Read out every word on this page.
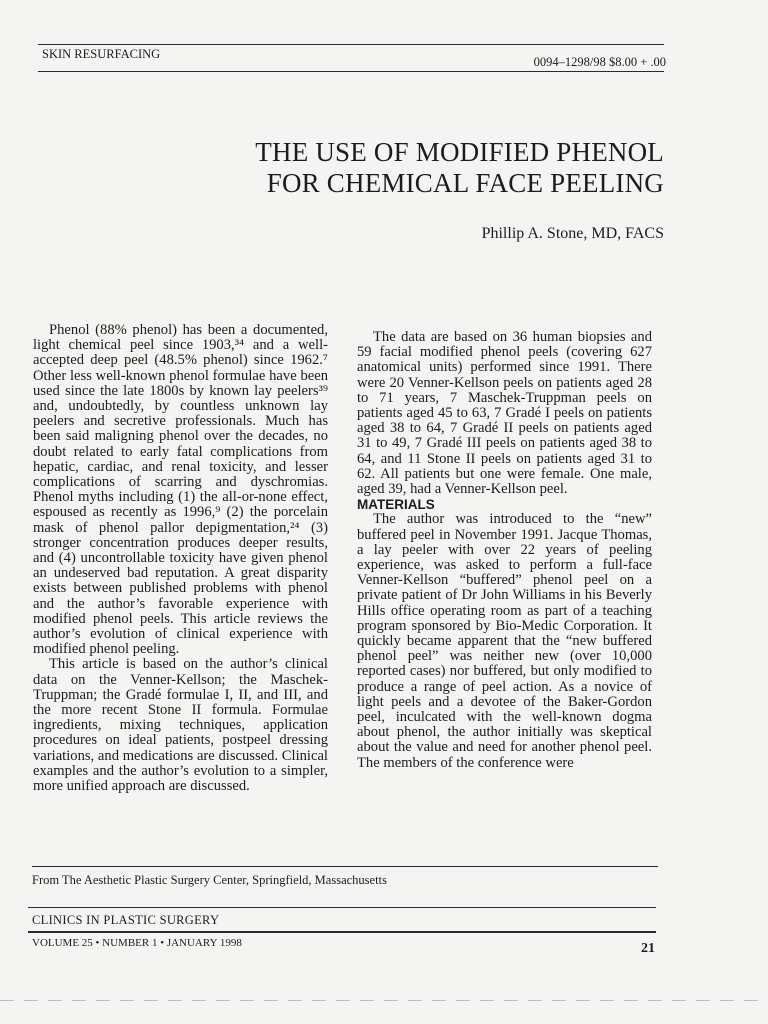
SKIN RESURFACING
0094–1298/98 $8.00 + .00
THE USE OF MODIFIED PHENOL
FOR CHEMICAL FACE PEELING
Phillip A. Stone, MD, FACS

Phenol (88% phenol) has been a documented, light chemical peel since 1903,³⁴ and a well-accepted deep peel (48.5% phenol) since 1962.⁷ Other less well-known phenol formulae have been used since the late 1800s by known lay peelers³⁹ and, undoubtedly, by countless unknown lay peelers and secretive professionals. Much has been said maligning phenol over the decades, no doubt related to early fatal complications from hepatic, cardiac, and renal toxicity, and lesser complications of scarring and dyschromias. Phenol myths including (1) the all-or-none effect, espoused as recently as 1996,⁹ (2) the porcelain mask of phenol pallor depigmentation,²⁴ (3) stronger concentration produces deeper results, and (4) uncontrollable toxicity have given phenol an undeserved bad reputation. A great disparity exists between published problems with phenol and the author’s favorable experience with modified phenol peels. This article reviews the author’s evolution of clinical experience with modified phenol peeling.

This article is based on the author’s clinical data on the Venner-Kellson; the Maschek-Truppman; the Gradé formulae I, II, and III, and the more recent Stone II formula. Formulae ingredients, mixing techniques, application procedures on ideal patients, postpeel dressing variations, and medications are discussed. Clinical examples and the author’s evolution to a simpler, more unified approach are discussed.

The data are based on 36 human biopsies and 59 facial modified phenol peels (covering 627 anatomical units) performed since 1991. There were 20 Venner-Kellson peels on patients aged 28 to 71 years, 7 Maschek-Truppman peels on patients aged 45 to 63, 7 Gradé I peels on patients aged 38 to 64, 7 Gradé II peels on patients aged 31 to 49, 7 Gradé III peels on patients aged 38 to 64, and 11 Stone II peels on patients aged 31 to 62. All patients but one were female. One male, aged 39, had a Venner-Kellson peel.

MATERIALS

The author was introduced to the “new” buffered peel in November 1991. Jacque Thomas, a lay peeler with over 22 years of peeling experience, was asked to perform a full-face Venner-Kellson “buffered” phenol peel on a private patient of Dr John Williams in his Beverly Hills office operating room as part of a teaching program sponsored by Bio-Medic Corporation. It quickly became apparent that the “new buffered phenol peel” was neither new (over 10,000 reported cases) nor buffered, but only modified to produce a range of peel action. As a novice of light peels and a devotee of the Baker-Gordon peel, inculcated with the well-known dogma about phenol, the author initially was skeptical about the value and need for another phenol peel. The members of the conference were

From The Aesthetic Plastic Surgery Center, Springfield, Massachusetts
CLINICS IN PLASTIC SURGERY
VOLUME 25 • NUMBER 1 • JANUARY 1998	21
